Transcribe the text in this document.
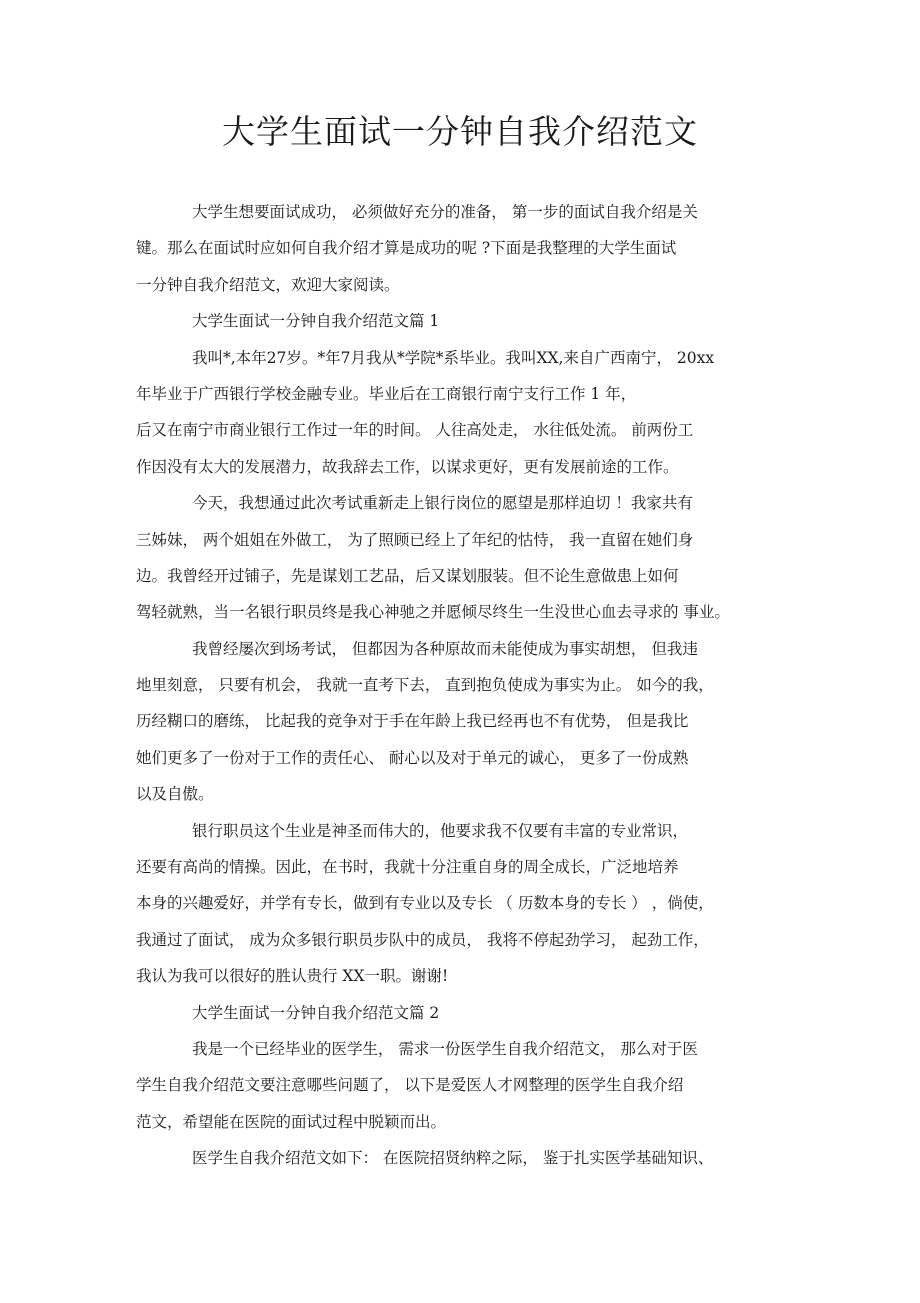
大学生面试一分钟自我介绍范文
大学生想要面试成功， 必须做好充分的准备， 第一步的面试自我介绍是关
键。那么在面试时应如何自我介绍才算是成功的呢 ?下面是我整理的大学生面试
一分钟自我介绍范文，欢迎大家阅读。
大学生面试一分钟自我介绍范文篇 1
我叫*,本年27岁。*年7月我从*学院*系毕业。我叫XX,来自广西南宁， 20xx
年毕业于广西银行学校金融专业。毕业后在工商银行南宁支行工作 1 年，
后又在南宁市商业银行工作过一年的时间。 人往高处走， 水往低处流。 前两份工
作因没有太大的发展潜力，故我辞去工作，以谋求更好，更有发展前途的工作。
今天，我想通过此次考试重新走上银行岗位的愿望是那样迫切 ！我家共有
三姊妹， 两个姐姐在外做工， 为了照顾已经上了年纪的怙恃， 我一直留在她们身
边。我曾经开过铺子，先是谋划工艺品，后又谋划服装。但不论生意做患上如何
驾轻就熟，当一名银行职员终是我心神驰之并愿倾尽终生一生没世心血去寻求的 事业。
我曾经屡次到场考试， 但都因为各种原故而未能使成为事实胡想， 但我违
地里刻意， 只要有机会， 我就一直考下去， 直到抱负使成为事实为止。 如今的我，
历经糊口的磨练， 比起我的竞争对于手在年龄上我已经再也不有优势， 但是我比
她们更多了一份对于工作的责任心、 耐心以及对于单元的诚心， 更多了一份成熟
以及自傲。
银行职员这个生业是神圣而伟大的，他要求我不仅要有丰富的专业常识，
还要有高尚的情操。因此，在书时，我就十分注重自身的周全成长，广泛地培养
本身的兴趣爱好，并学有专长，做到有专业以及专长 （ 历数本身的专长 ） ，倘使，
我通过了面试， 成为众多银行职员步队中的成员， 我将不停起劲学习， 起劲工作，
我认为我可以很好的胜认贵行 XX一职。谢谢!
大学生面试一分钟自我介绍范文篇 2
我是一个已经毕业的医学生， 需求一份医学生自我介绍范文， 那么对于医
学生自我介绍范文要注意哪些问题了， 以下是爱医人才网整理的医学生自我介绍
范文，希望能在医院的面试过程中脱颖而出。
医学生自我介绍范文如下： 在医院招贤纳粹之际， 鉴于扎实医学基础知识、
